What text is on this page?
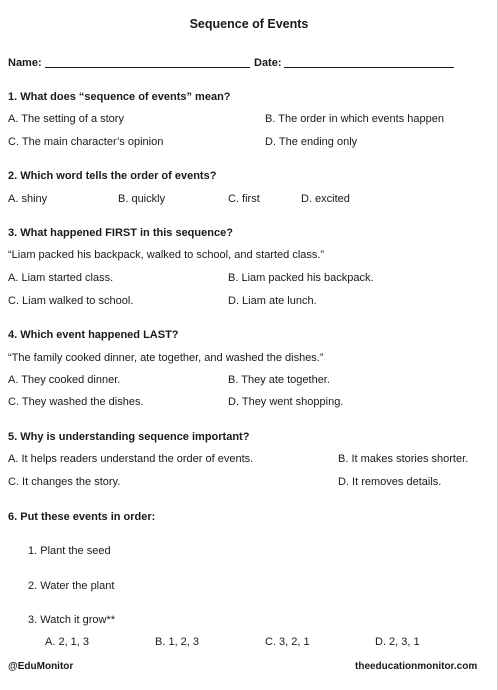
Sequence of Events
Name:	Date:
1. What does “sequence of events” mean?
A. The setting of a story	B. The order in which events happen
C. The main character’s opinion	D. The ending only
2. Which word tells the order of events?
A. shiny	B. quickly	C. first	D. excited
3. What happened FIRST in this sequence?
“Liam packed his backpack, walked to school, and started class.”
A. Liam started class.	B. Liam packed his backpack.
C. Liam walked to school.	D. Liam ate lunch.
4. Which event happened LAST?
“The family cooked dinner, ate together, and washed the dishes.”
A. They cooked dinner.	B. They ate together.
C. They washed the dishes.	D. They went shopping.
5. Why is understanding sequence important?
A. It helps readers understand the order of events.	B. It makes stories shorter.
C. It changes the story.	D. It removes details.
6. Put these events in order:
1. Plant the seed
2. Water the plant
3. Watch it grow**
A. 2, 1, 3	B. 1, 2, 3	C. 3, 2, 1	D. 2, 3, 1
@EduMonitor	theeducationmonitor.com
